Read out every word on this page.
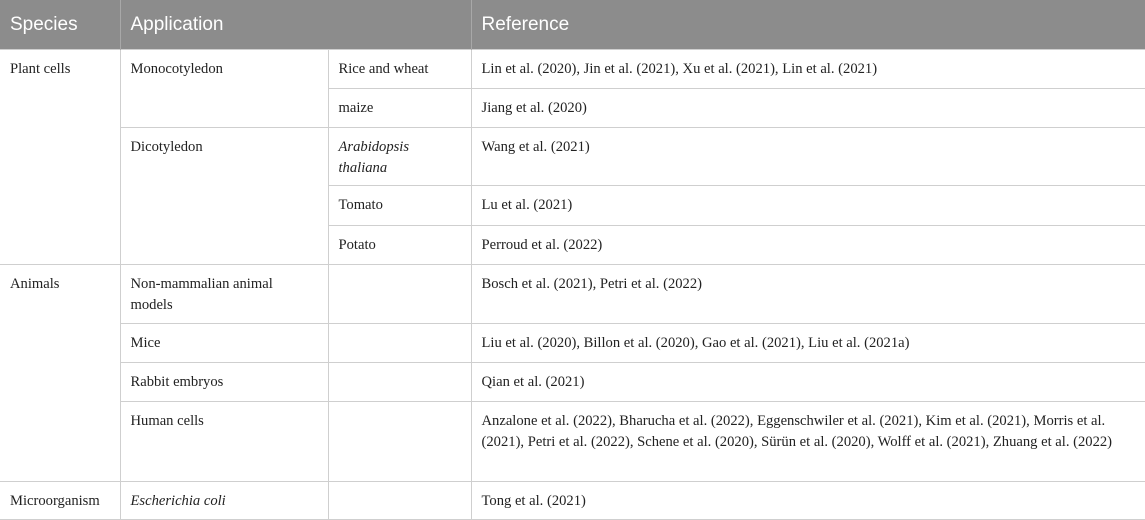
Species	Application		Reference
Plant cells	Monocotyledon	Rice and wheat	Lin et al. (2020), Jin et al. (2021), Xu et al. (2021), Lin et al. (2021)
		maize	Jiang et al. (2020)
	Dicotyledon	Arabidopsis thaliana	Wang et al. (2021)
		Tomato	Lu et al. (2021)
		Potato	Perroud et al. (2022)
Animals	Non-mammalian animal models		Bosch et al. (2021), Petri et al. (2022)
	Mice		Liu et al. (2020), Billon et al. (2020), Gao et al. (2021), Liu et al. (2021a)
	Rabbit embryos		Qian et al. (2021)
	Human cells		Anzalone et al. (2022), Bharucha et al. (2022), Eggenschwiler et al. (2021), Kim et al. (2021), Morris et al. (2021), Petri et al. (2022), Schene et al. (2020), Sürün et al. (2020), Wolff et al. (2021), Zhuang et al. (2022)
Microorganism	Escherichia coli		Tong et al. (2021)
